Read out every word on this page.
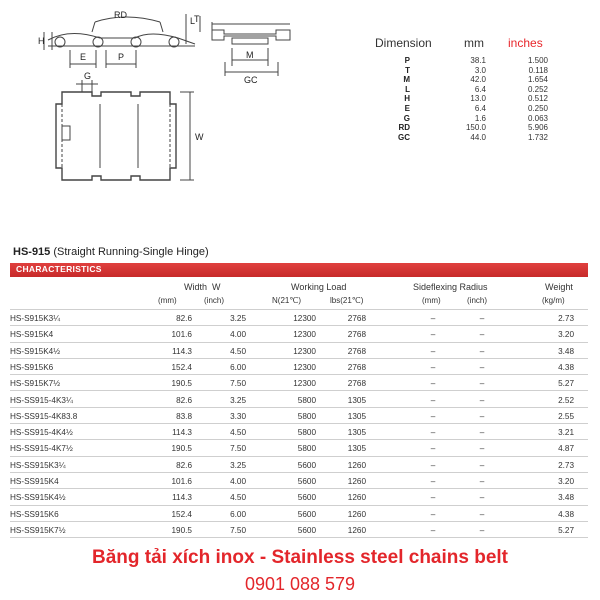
RD
L
T
H
E	P	M
GC
G
W
Dimension	mm inches
P	38.1	1.500
T	3.0	0.118
M	42.0	1.654
L	6.4	0.252
H	13.0	0.512
E	6.4	0.250
G	1.6	0.063
RD	150.0	5.906
GC	44.0	1.732
HS-915 (Straight Running-Single Hinge)
CHARACTERISTICS
Width W
(mm)	(inch)
Working Load
N(21℃)	lbs(21℃)
Sideflexing Radius
(mm)	(inch)
Weight
(kg/m)
HS-S915K3¼	82.6	3.25	12300	2768	–	–	2.73
HS-S915K4	101.6	4.00	12300	2768	–	–	3.20
HS-S915K4½	114.3	4.50	12300	2768	–	–	3.48
HS-S915K6	152.4	6.00	12300	2768	–	–	4.38
HS-S915K7½	190.5	7.50	12300	2768	–	–	5.27
HS-SS915-4K3¼	82.6	3.25	5800	1305	–	–	2.52
HS-SS915-4K83.8	83.8	3.30	5800	1305	–	–	2.55
HS-SS915-4K4½	114.3	4.50	5800	1305	–	–	3.21
HS-SS915-4K7½	190.5	7.50	5800	1305	–	–	4.87
HS-SS915K3¼	82.6	3.25	5600	1260	–	–	2.73
HS-SS915K4	101.6	4.00	5600	1260	–	–	3.20
HS-SS915K4½	114.3	4.50	5600	1260	–	–	3.48
HS-SS915K6	152.4	6.00	5600	1260	–	–	4.38
HS-SS915K7½	190.5	7.50	5600	1260	–	–	5.27
Băng tải xích inox - Stainless steel chains belt
0901 088 579
